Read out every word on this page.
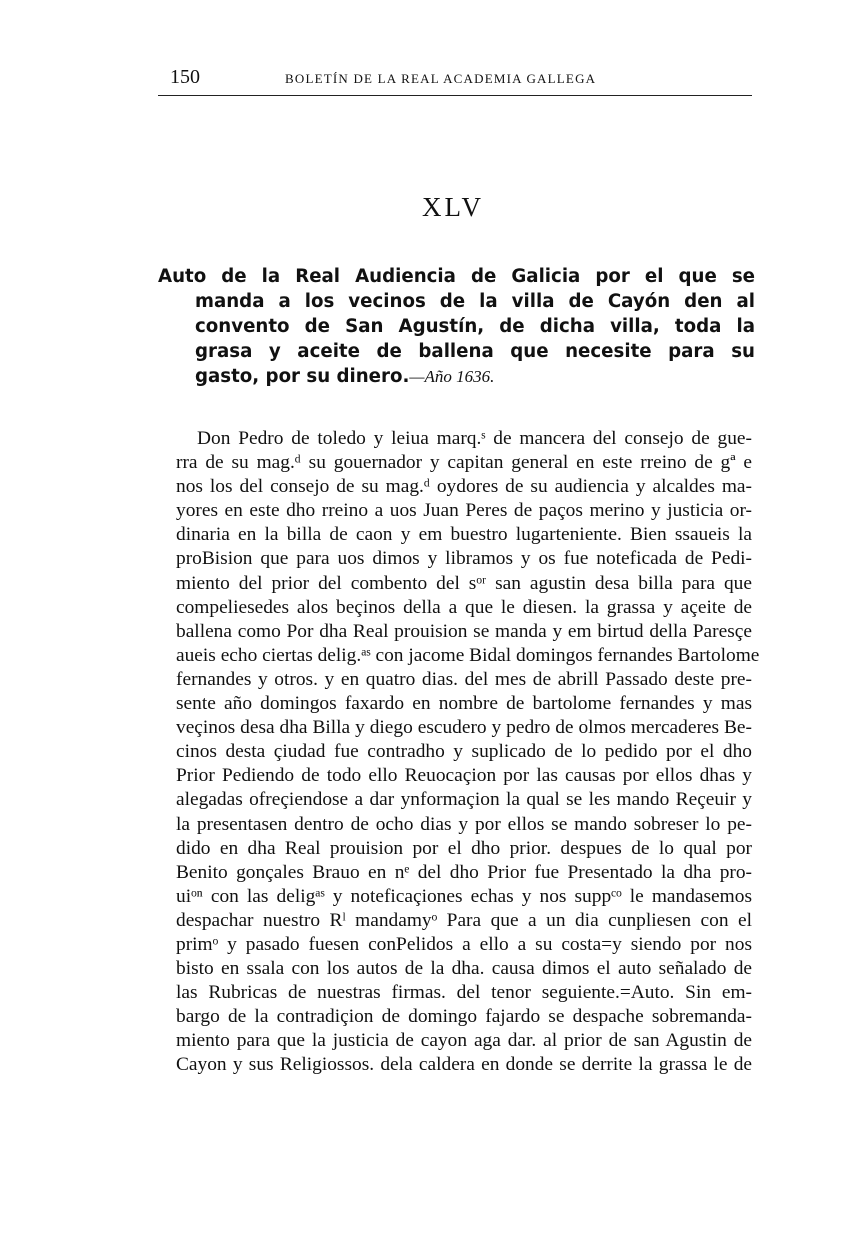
150	BOLETÍN DE LA REAL ACADEMIA GALLEGA
XLV
Auto de la Real Audiencia de Galicia por el que se
manda a los vecinos de la villa de Cayón den al
convento de San Agustín, de dicha villa, toda la
grasa y aceite de ballena que necesite para su
gasto, por su dinero.—Año 1636.
Don Pedro de toledo y leiua marq.ˢ de mancera del consejo de gue-
rra de su mag.ᵈ su gouernador y capitan general en este rreino de gª e
nos los del consejo de su mag.ᵈ oydores de su audiencia y alcaldes ma-
yores en este dho rreino a uos Juan Peres de paços merino y justicia or-
dinaria en la billa de caon y em buestro lugarteniente. Bien ssaueis la
proBision que para uos dimos y libramos y os fue noteficada de Pedi-
miento del prior del combento del sᵒʳ san agustin desa billa para que
compeliesedes alos beçinos della a que le diesen. la grassa y açeite de
ballena como Por dha Real prouision se manda y em birtud della Paresçe
aueis echo ciertas delig.ᵃˢ con jacome Bidal domingos fernandes Bartolome
fernandes y otros. y en quatro dias. del mes de abrill Passado deste pre-
sente año domingos faxardo en nombre de bartolome fernandes y mas
veçinos desa dha Billa y diego escudero y pedro de olmos mercaderes Be-
cinos desta çiudad fue contradho y suplicado de lo pedido por el dho
Prior Pediendo de todo ello Reuocaçion por las causas por ellos dhas y
alegadas ofreçiendose a dar ynformaçion la qual se les mando Reçeuir y
la presentasen dentro de ocho dias y por ellos se mando sobreser lo pe-
dido en dha Real prouision por el dho prior. despues de lo qual por
Benito gonçales Brauo en nᵉ del dho Prior fue Presentado la dha pro-
uiᵒⁿ con las deligᵃˢ y noteficaçiones echas y nos suppᶜᵒ le mandasemos
despachar nuestro Rˡ mandamyᵒ Para que a un dia cunpliesen con el
primᵒ y pasado fuesen conPelidos a ello a su costa=y siendo por nos
bisto en ssala con los autos de la dha. causa dimos el auto señalado de
las Rubricas de nuestras firmas. del tenor seguiente.=Auto. Sin em-
bargo de la contradiçion de domingo fajardo se despache sobremanda-
miento para que la justicia de cayon aga dar. al prior de san Agustin de
Cayon y sus Religiossos. dela caldera en donde se derrite la grassa le de
